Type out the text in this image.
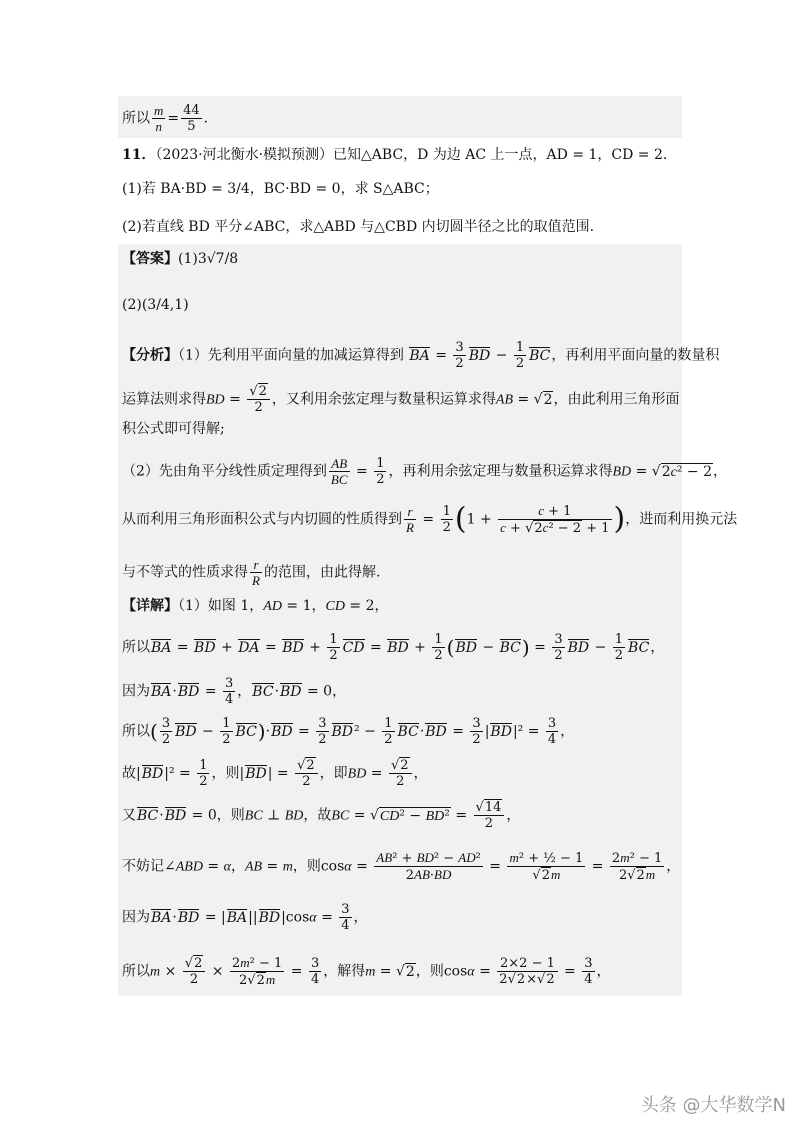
所以 $\frac{m}{n} = \frac{44}{5}$ .
11．（2023·河北衡水·模拟预测）已知△ABC，D 为边 AC 上一点，AD = 1，CD = 2.
(1)若 BA·BD = 3/4，BC·BD = 0，求 S△ABC；
(2)若直线 BD 平分∠ABC，求△ABD 与△CBD 内切圆半径之比的取值范围.
【答案】(1)3√7/8
(2)(3/4,1)
【分析】（1）先利用平面向量的加减运算得到 BA = $\frac{3}{2}$ BD − $\frac{1}{2}$ BC，再利用平面向量的数量积
运算法则求得BD = $\frac{√2}{2}$ ，又利用余弦定理与数量积运算求得AB = √2，由此利用三角形面
积公式即可得解;
（2）先由角平分线性质定理得到 $\frac{AB}{BC} = \frac{1}{2}$ ，再利用余弦定理与数量积运算求得BD = √2c² − 2，
从而利用三角形面积公式与内切圆的性质得到 $\frac{r}{R} = \frac{1}{2} (1 + \frac{c + 1}{\text{c + √2c² − 2 + 1}}$ )，进而利用换元法
与不等式的性质求得 $\frac{r}{R}$ 的范围，由此得解.
【详解】（1）如图 1，AD = 1，CD = 2，
所以BA = BD + DA = BD + $\frac{1}{2}$ CD = BD + $\frac{1}{2} (BD - BC) = \frac{3}{2}$ BD − $\frac{1}{2}$ BC，
因为$BA\cdot BD = \frac{3}{4}$ ，BC·BD = 0，
所以( $\frac{3}{2}$ BD − $\frac{1}{2} BC)\cdot BD = \frac{3}{2} BD^2 - \frac{1}{2} BC\cdot BD = \frac{3}{2} |BD|^2 = \frac{3}{4}$ ，
故$|BD|^2 = \frac{1}{2}$ ，则$|BD| = \frac{√2}{2}$ ，即BD = $\frac{√2}{2}$ ，
又BC·BD = 0，则BC ⊥ BD，故BC = $√CD^2 - BD^2 = \frac{√14}{2}$ ，
不妨记∠ABD = α，AB = m，则$\cos\alpha = \frac{\text{AB² + BD² − AD²}}{2AB\cdot BD} = \frac{\text{m² + ½ − 1}}{√2m} = \frac{\text{2m² − 1}}{2√2m}$ ，
因为$BA\cdot BD = |BA||BD|\cos\alpha = \frac{3}{4}$ ，
所以$m \times \frac{√2}{2} \times \frac{\text{2m² − 1}}{2√2m} = \frac{3}{4}$ ，解得m = √2，则$\cos\alpha = \frac{2\times 2 - 1}{2√2\times√2} = \frac{3}{4}$ ，
头条 @大华数学N
